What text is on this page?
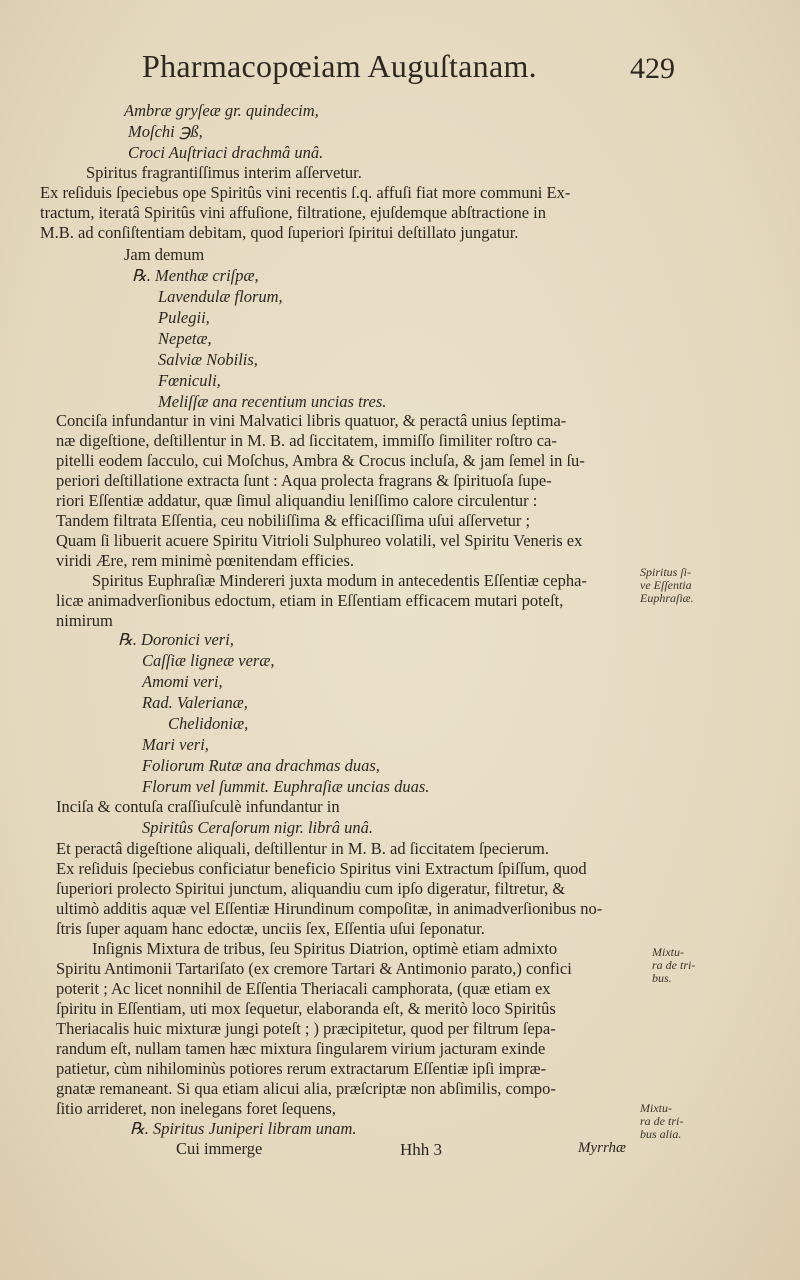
Pharmacopœiam Auguſtanam.	429
Ambræ gryſeæ gr. quindecim,
Moſchi ℈ß,
Croci Auſtriaci drachmâ unâ.
Spiritus fragrantiſſimus interim aſſervetur.
Ex reſiduis ſpeciebus ope Spiritûs vini recentis ſ.q. affuſi fiat more communi Ex-
tractum, iteratâ Spiritûs vini affuſione, filtratione, ejuſdemque abſtractione in
M.B. ad conſiſtentiam debitam, quod ſuperiori ſpiritui deſtillato jungatur.
Jam demum
℞. Menthæ criſpæ,
Lavendulæ florum,
Pulegii,
Nepetæ,
Salviæ Nobilis,
Fœniculi,
Meliſſæ ana recentium uncias tres.
Conciſa infundantur in vini Malvatici libris quatuor, & peractâ unius ſeptima-
næ digeſtione, deſtillentur in M. B. ad ſiccitatem, immiſſo ſimiliter roſtro ca-
pitelli eodem ſacculo, cui Moſchus, Ambra & Crocus incluſa, & jam ſemel in ſu-
periori deſtillatione extracta ſunt : Aqua prolecta fragrans & ſpirituoſa ſupe-
riori Eſſentiæ addatur, quæ ſimul aliquandiu leniſſimo calore circulentur :
Tandem filtrata Eſſentia, ceu nobiliſſima & efficaciſſima uſui aſſervetur ;
Quam ſi libuerit acuere Spiritu Vitrioli Sulphureo volatili, vel Spiritu Veneris ex
viridi Ære, rem minimè pœnitendam efficies.
Spiritus Euphraſiæ Mindereri juxta modum in antecedentis Eſſentiæ cepha-
licæ animadverſionibus edoctum, etiam in Eſſentiam efficacem mutari poteſt,
nimirum
℞. Doronici veri,
Caſſiæ ligneæ veræ,
Amomi veri,
Rad. Valerianæ,
Chelidoniæ,
Mari veri,
Foliorum Rutæ ana drachmas duas,
Florum vel ſummit. Euphraſiæ uncias duas.
Inciſa & contuſa craſſiuſculè infundantur in
Spiritûs Ceraſorum nigr. librâ unâ.
Et peractâ digeſtione aliquali, deſtillentur in M. B. ad ſiccitatem ſpecierum.
Ex reſiduis ſpeciebus conficiatur beneficio Spiritus vini Extractum ſpiſſum, quod
ſuperiori prolecto Spiritui junctum, aliquandiu cum ipſo digeratur, filtretur, &
ultimò additis aquæ vel Eſſentiæ Hirundinum compoſitæ, in animadverſionibus no-
ſtris ſuper aquam hanc edoctæ, unciis ſex, Eſſentia uſui ſeponatur.
Inſignis Mixtura de tribus, ſeu Spiritus Diatrion, optimè etiam admixto
Spiritu Antimonii Tartariſato (ex cremore Tartari & Antimonio parato,) confici
poterit ; Ac licet nonnihil de Eſſentia Theriacali camphorata, (quæ etiam ex
ſpiritu in Eſſentiam, uti mox ſequetur, elaboranda eſt, & meritò loco Spiritûs
Theriacalis huic mixturæ jungi poteſt ; ) præcipitetur, quod per filtrum ſepa-
randum eſt, nullam tamen hæc mixtura ſingularem virium jacturam exinde
patietur, cùm nihilominùs potiores rerum extractarum Eſſentiæ ipſi impræ-
gnatæ remaneant. Si qua etiam alicui alia, præſcriptæ non abſimilis, compo-
ſitio arrideret, non inelegans foret ſequens,
℞. Spiritus Juniperi libram unam.
Cui immerge
Spiritus ſi-
ve Eſſentia
Euphraſiæ.
Mixtu-
ra de tri-
bus.
Mixtu-
ra de tri-
bus alia.
Hhh 3	Myrrhæ
